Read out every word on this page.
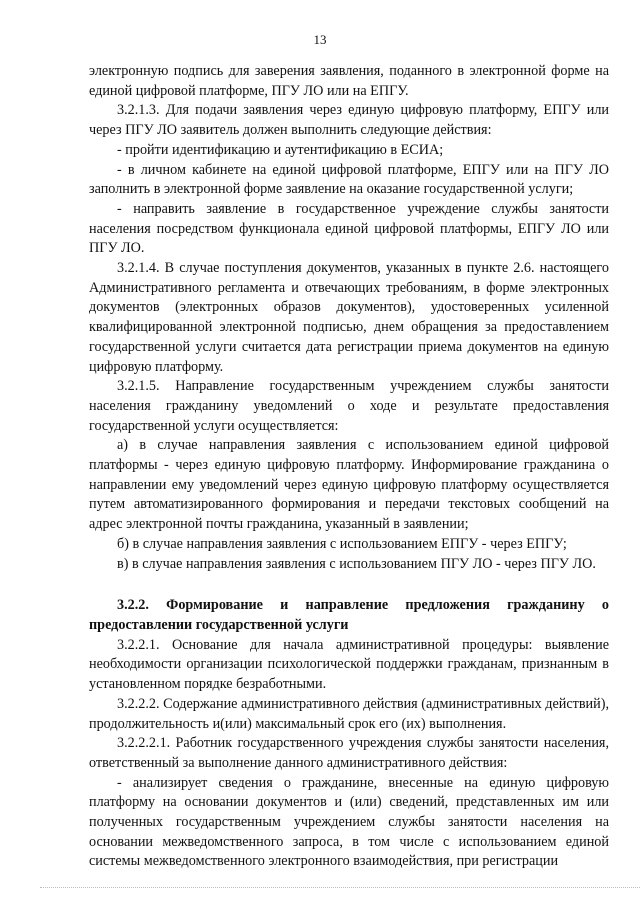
13

электронную подпись для заверения заявления, поданного в электронной форме на единой цифровой платформе, ПГУ ЛО или на ЕПГУ.

3.2.1.3. Для подачи заявления через единую цифровую платформу, ЕПГУ или через ПГУ ЛО заявитель должен выполнить следующие действия:

- пройти идентификацию и аутентификацию в ЕСИА;

- в личном кабинете на единой цифровой платформе, ЕПГУ или на ПГУ ЛО заполнить в электронной форме заявление на оказание государственной услуги;

- направить заявление в государственное учреждение службы занятости населения посредством функционала единой цифровой платформы, ЕПГУ ЛО или ПГУ ЛО.

3.2.1.4. В случае поступления документов, указанных в пункте 2.6. настоящего Административного регламента и отвечающих требованиям, в форме электронных документов (электронных образов документов), удостоверенных усиленной квалифицированной электронной подписью, днем обращения за предоставлением государственной услуги считается дата регистрации приема документов на единую цифровую платформу.

3.2.1.5. Направление государственным учреждением службы занятости населения гражданину уведомлений о ходе и результате предоставления государственной услуги осуществляется:

а) в случае направления заявления с использованием единой цифровой платформы - через единую цифровую платформу. Информирование гражданина о направлении ему уведомлений через единую цифровую платформу осуществляется путем автоматизированного формирования и передачи текстовых сообщений на адрес электронной почты гражданина, указанный в заявлении;

б) в случае направления заявления с использованием ЕПГУ - через ЕПГУ;

в) в случае направления заявления с использованием ПГУ ЛО - через ПГУ ЛО.

3.2.2. Формирование и направление предложения гражданину о предоставлении государственной услуги

3.2.2.1. Основание для начала административной процедуры: выявление необходимости организации психологической поддержки гражданам, признанным в установленном порядке безработными.

3.2.2.2. Содержание административного действия (административных действий), продолжительность и(или) максимальный срок его (их) выполнения.

3.2.2.2.1. Работник государственного учреждения службы занятости населения, ответственный за выполнение данного административного действия:

- анализирует сведения о гражданине, внесенные на единую цифровую платформу на основании документов и (или) сведений, представленных им или полученных государственным учреждением службы занятости населения на основании межведомственного запроса, в том числе с использованием единой системы межведомственного электронного взаимодействия, при регистрации
